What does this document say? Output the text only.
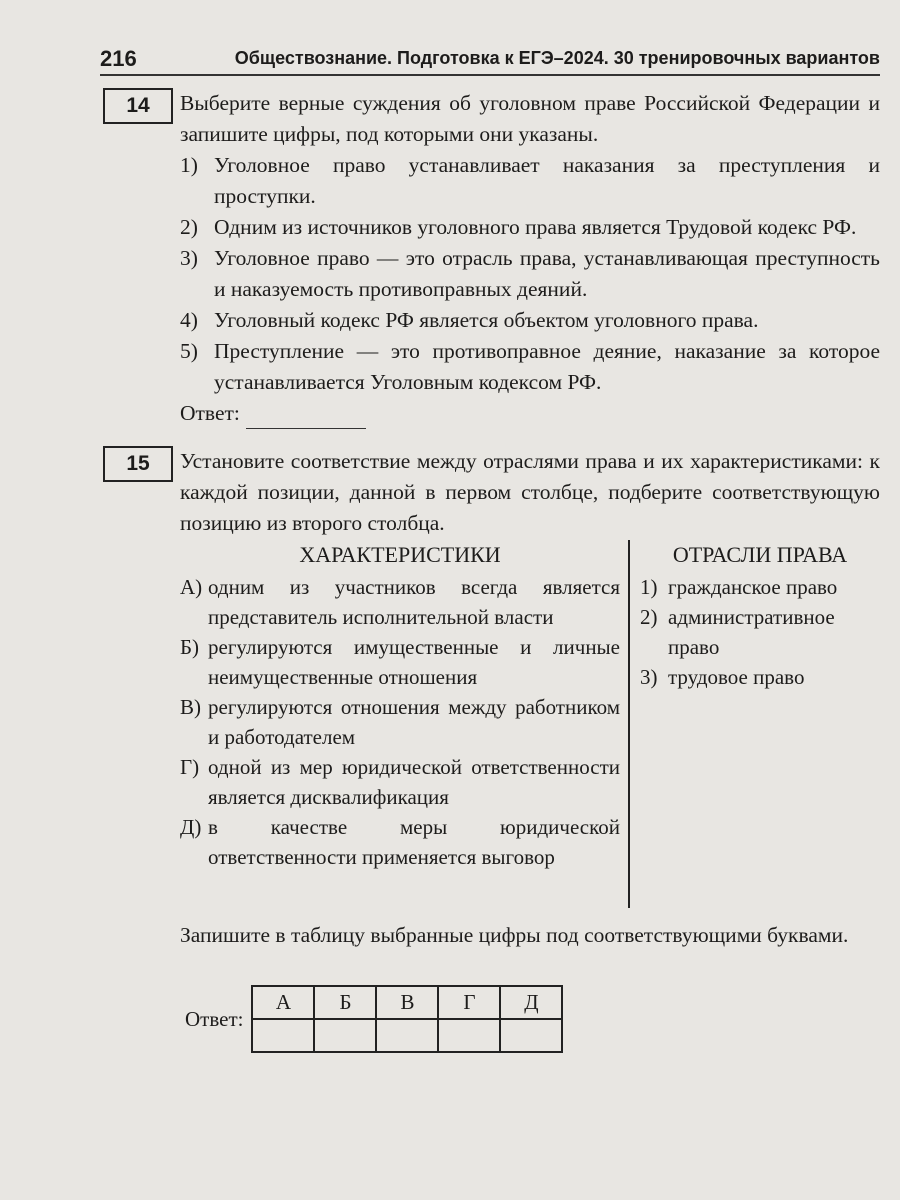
216	Обществознание. Подготовка к ЕГЭ–2024. 30 тренировочных вариантов
14	Выберите верные суждения об уголовном праве Российской Федерации и запишите цифры, под которыми они указаны.
1) Уголовное право устанавливает наказания за преступления и проступки.
2) Одним из источников уголовного права является Трудовой кодекс РФ.
3) Уголовное право — это отрасль права, устанавливающая преступность и наказуемость противоправных деяний.
4) Уголовный кодекс РФ является объектом уголовного права.
5) Преступление — это противоправное деяние, наказание за которое устанавливается Уголовным кодексом РФ.
Ответ:
15	Установите соответствие между отраслями права и их характеристиками: к каждой позиции, данной в первом столбце, подберите соответствующую позицию из второго столбца.
ХАРАКТЕРИСТИКИ
А) одним из участников всегда является представитель исполнительной власти
Б) регулируются имущественные и личные неимущественные отношения
В) регулируются отношения между работником и работодателем
Г) одной из мер юридической ответственности является дисквалификация
Д) в качестве меры юридической ответственности применяется выговор
ОТРАСЛИ ПРАВА
1) гражданское право
2) административное право
3) трудовое право
Запишите в таблицу выбранные цифры под соответствующими буквами.
Ответ:
А	Б	В	Г	Д
